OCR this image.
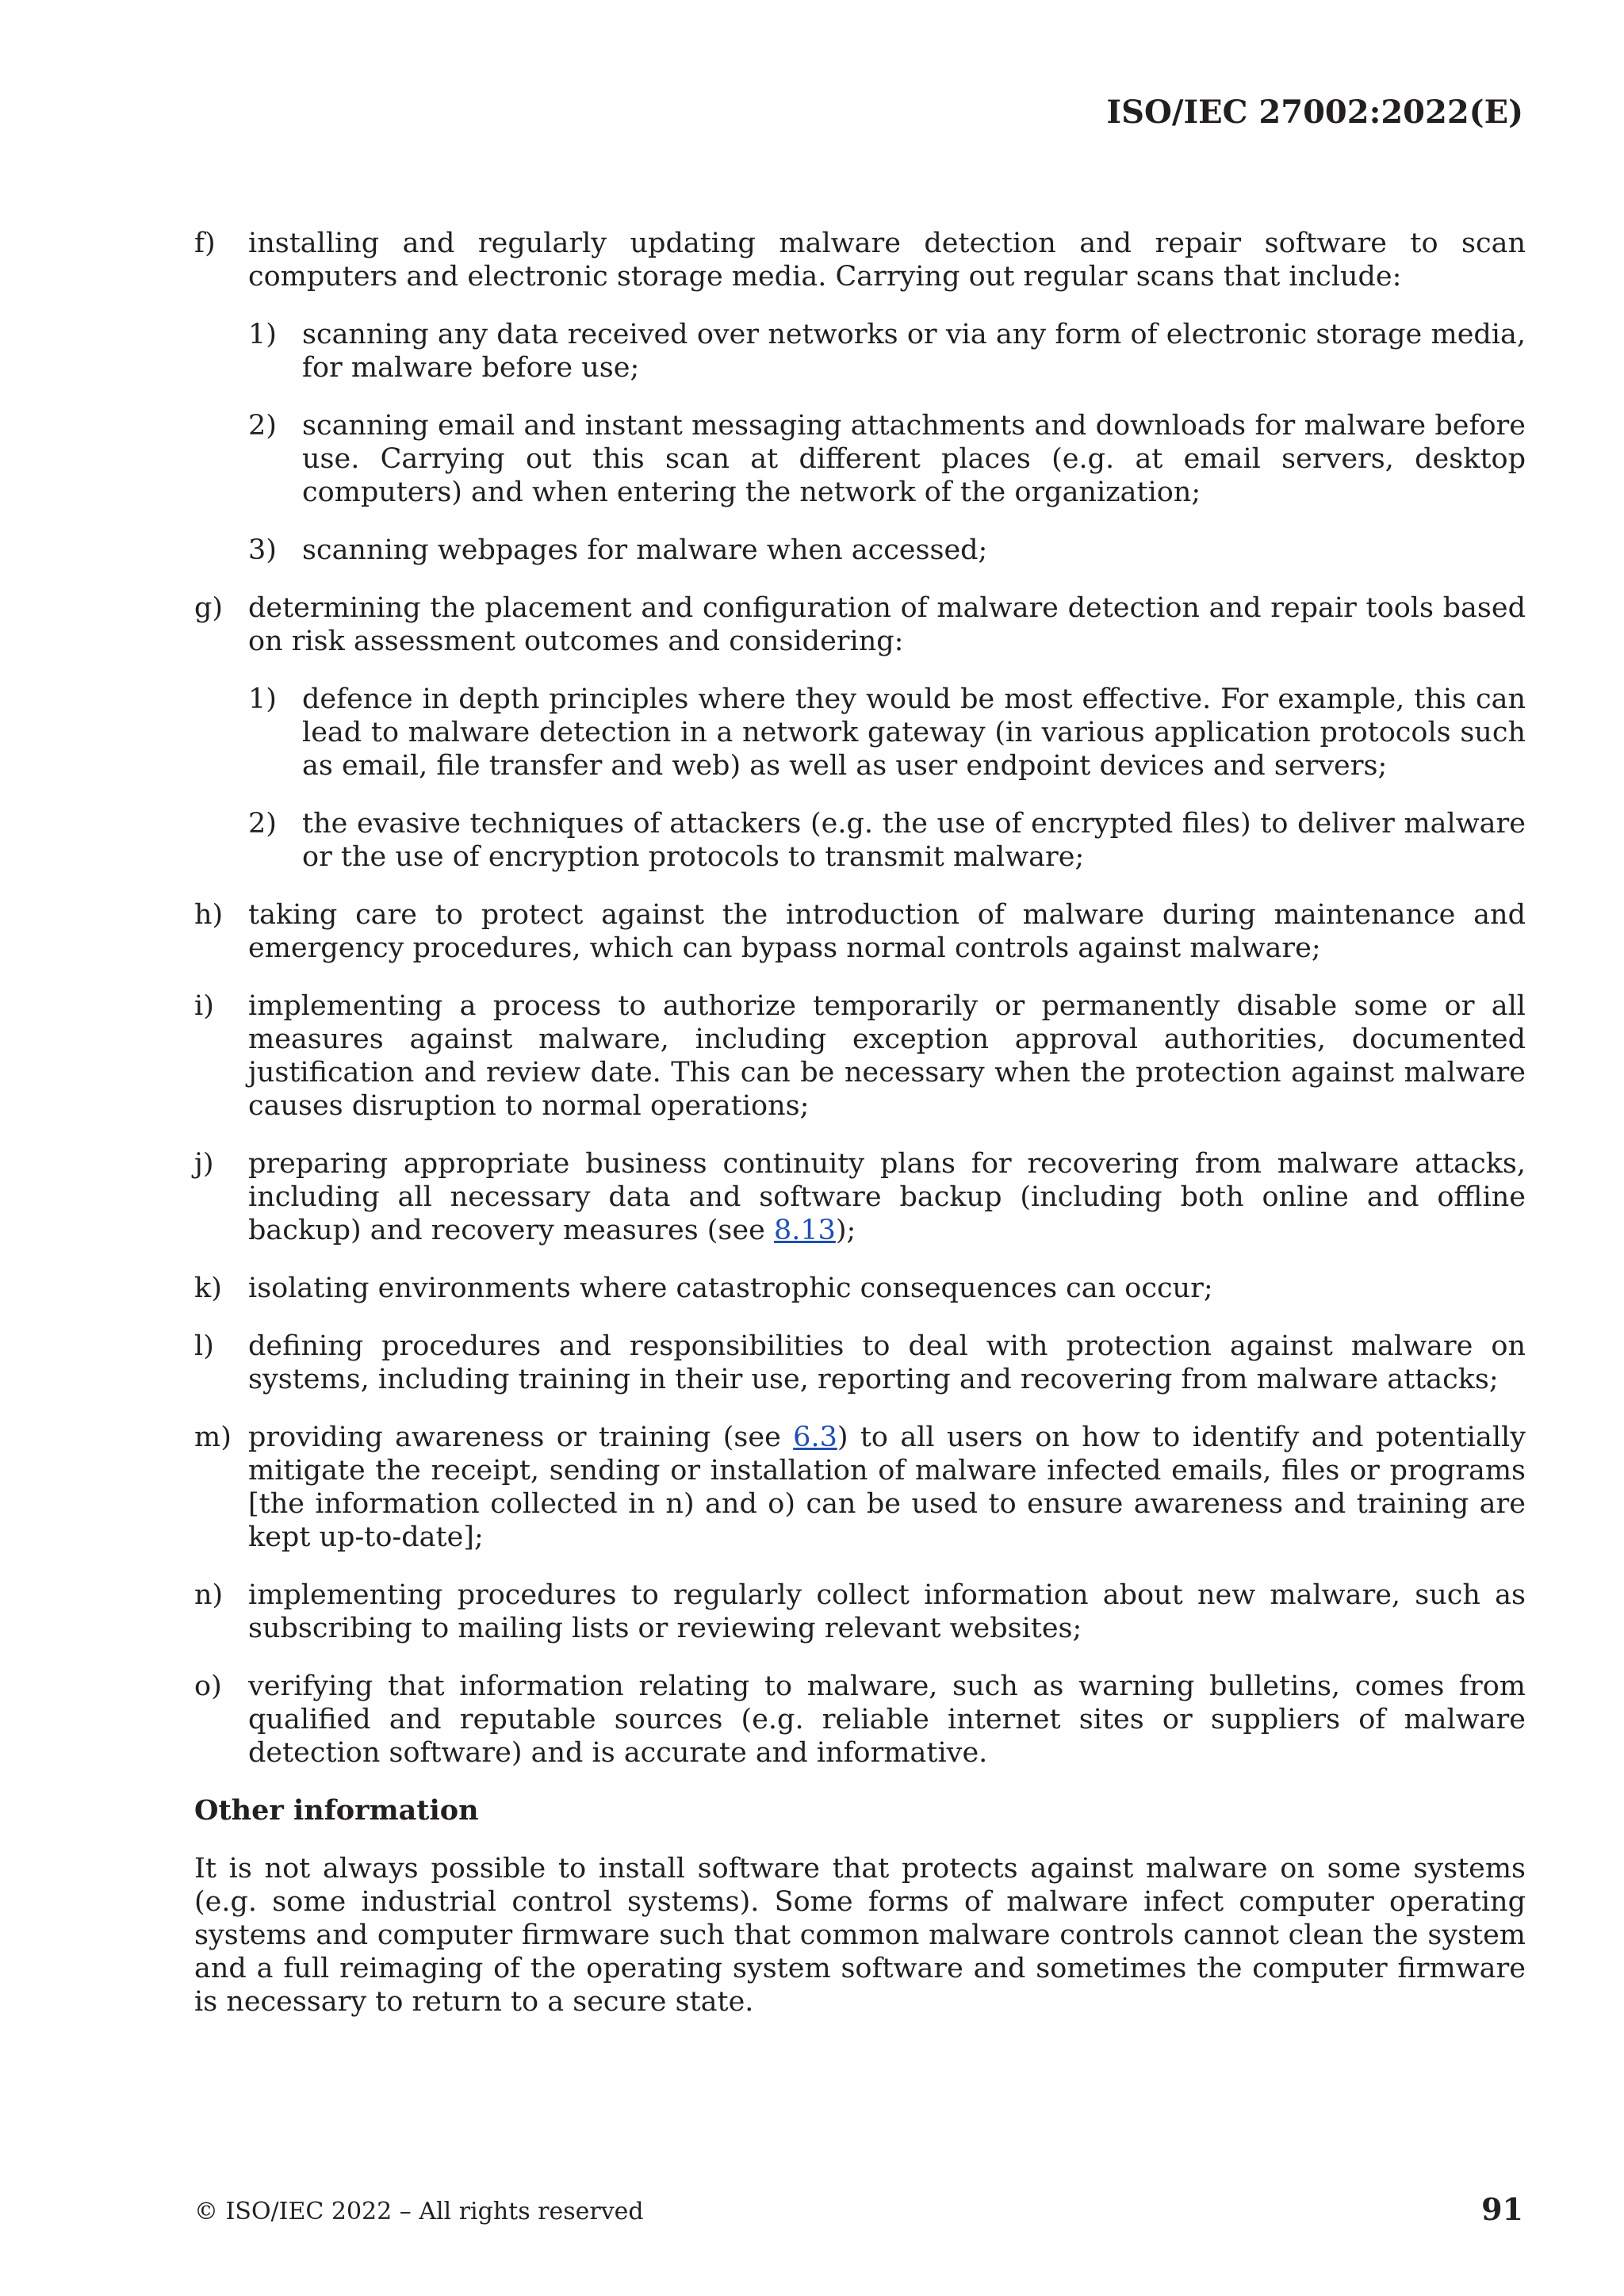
ISO/IEC 27002:2022(E)
f)	installing and regularly updating malware detection and repair software to scan computers and electronic storage media. Carrying out regular scans that include:
1) scanning any data received over networks or via any form of electronic storage media, for malware before use;
2) scanning email and instant messaging attachments and downloads for malware before use. Carrying out this scan at different places (e.g. at email servers, desktop computers) and when entering the network of the organization;
3) scanning webpages for malware when accessed;
g) determining the placement and configuration of malware detection and repair tools based on risk assessment outcomes and considering:
1) defence in depth principles where they would be most effective. For example, this can lead to malware detection in a network gateway (in various application protocols such as email, file transfer and web) as well as user endpoint devices and servers;
2) the evasive techniques of attackers (e.g. the use of encrypted files) to deliver malware or the use of encryption protocols to transmit malware;
h) taking care to protect against the introduction of malware during maintenance and emergency procedures, which can bypass normal controls against malware;
i)	implementing a process to authorize temporarily or permanently disable some or all measures against malware, including exception approval authorities, documented justification and review date. This can be necessary when the protection against malware causes disruption to normal operations;
j)	preparing appropriate business continuity plans for recovering from malware attacks, including all necessary data and software backup (including both online and offline backup) and recovery measures (see 8.13);
k) isolating environments where catastrophic consequences can occur;
l)	defining procedures and responsibilities to deal with protection against malware on systems, including training in their use, reporting and recovering from malware attacks;
m) providing awareness or training (see 6.3) to all users on how to identify and potentially mitigate the receipt, sending or installation of malware infected emails, files or programs [the information collected in n) and o) can be used to ensure awareness and training are kept up-to-date];
n) implementing procedures to regularly collect information about new malware, such as subscribing to mailing lists or reviewing relevant websites;
o) verifying that information relating to malware, such as warning bulletins, comes from qualified and reputable sources (e.g. reliable internet sites or suppliers of malware detection software) and is accurate and informative.
Other information

It is not always possible to install software that protects against malware on some systems (e.g. some industrial control systems). Some forms of malware infect computer operating systems and computer firmware such that common malware controls cannot clean the system and a full reimaging of the operating system software and sometimes the computer firmware is necessary to return to a secure state.

© ISO/IEC 2022 – All rights reserved	91
